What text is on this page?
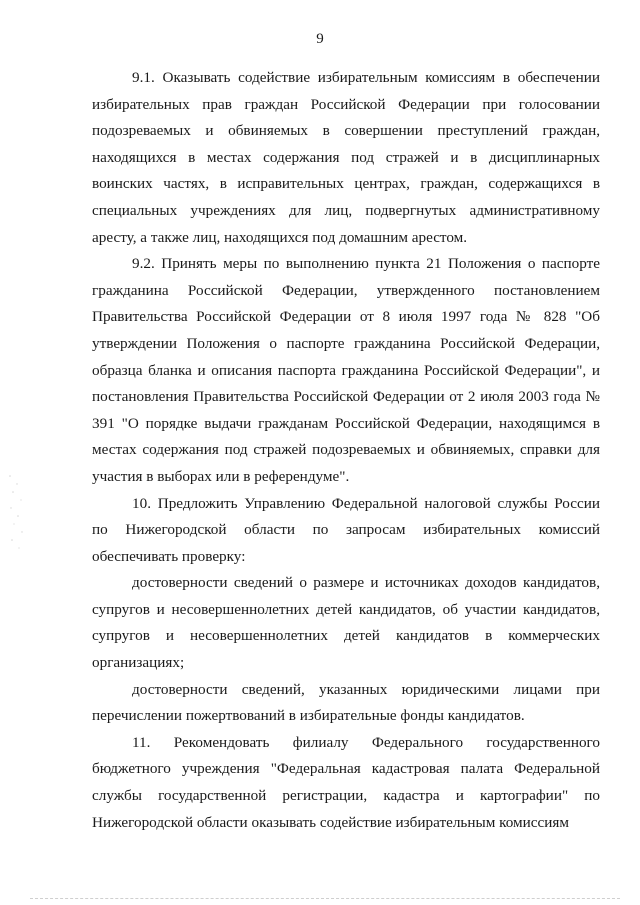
9

9.1. Оказывать содействие избирательным комиссиям в обеспечении избирательных прав граждан Российской Федерации при голосовании подозреваемых и обвиняемых в совершении преступлений граждан, находящихся в местах содержания под стражей и в дисциплинарных воинских частях, в исправительных центрах, граждан, содержащихся в специальных учреждениях для лиц, подвергнутых административному аресту, а также лиц, находящихся под домашним арестом.

9.2. Принять меры по выполнению пункта 21 Положения о паспорте гражданина Российской Федерации, утвержденного постановлением Правительства Российской Федерации от 8 июля 1997 года № 828 "Об утверждении Положения о паспорте гражданина Российской Федерации, образца бланка и описания паспорта гражданина Российской Федерации", и постановления Правительства Российской Федерации от 2 июля 2003 года № 391 "О порядке выдачи гражданам Российской Федерации, находящимся в местах содержания под стражей подозреваемых и обвиняемых, справки для участия в выборах или в референдуме".

10. Предложить Управлению Федеральной налоговой службы России по Нижегородской области по запросам избирательных комиссий обеспечивать проверку:

достоверности сведений о размере и источниках доходов кандидатов, супругов и несовершеннолетних детей кандидатов, об участии кандидатов, супругов и несовершеннолетних детей кандидатов в коммерческих организациях;

достоверности сведений, указанных юридическими лицами при перечислении пожертвований в избирательные фонды кандидатов.

11. Рекомендовать филиалу Федерального государственного бюджетного учреждения "Федеральная кадастровая палата Федеральной службы государственной регистрации, кадастра и картографии" по Нижегородской области оказывать содействие избирательным комиссиям
